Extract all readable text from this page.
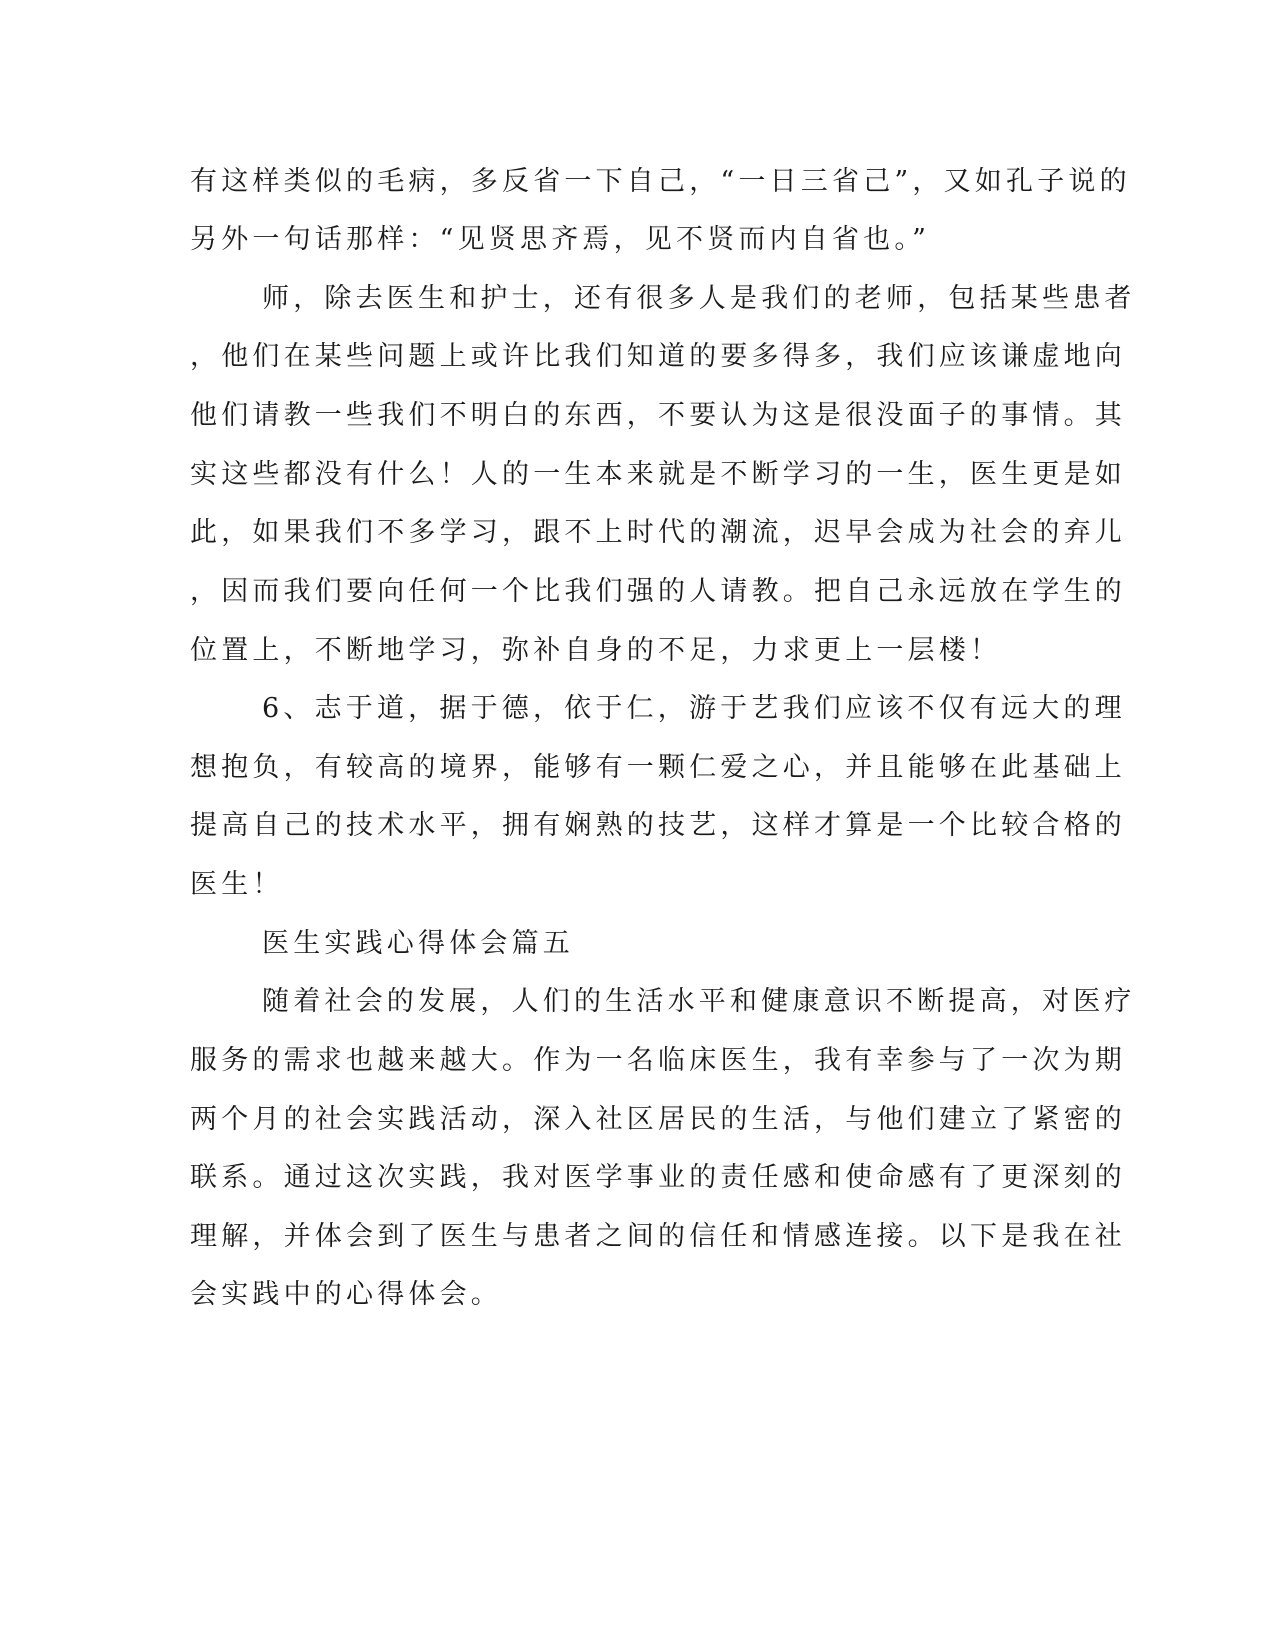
有这样类似的毛病，多反省一下自己，“一日三省己”，又如孔子说的

另外一句话那样：“见贤思齐焉，见不贤而内自省也。”

师，除去医生和护士，还有很多人是我们的老师，包括某些患者

，他们在某些问题上或许比我们知道的要多得多，我们应该谦虚地向

他们请教一些我们不明白的东西，不要认为这是很没面子的事情。其

实这些都没有什么！人的一生本来就是不断学习的一生，医生更是如

此，如果我们不多学习，跟不上时代的潮流，迟早会成为社会的弃儿

，因而我们要向任何一个比我们强的人请教。把自己永远放在学生的

位置上，不断地学习，弥补自身的不足，力求更上一层楼！

6、志于道，据于德，依于仁，游于艺我们应该不仅有远大的理

想抱负，有较高的境界，能够有一颗仁爱之心，并且能够在此基础上

提高自己的技术水平，拥有娴熟的技艺，这样才算是一个比较合格的

医生！

医生实践心得体会篇五

随着社会的发展，人们的生活水平和健康意识不断提高，对医疗

服务的需求也越来越大。作为一名临床医生，我有幸参与了一次为期

两个月的社会实践活动，深入社区居民的生活，与他们建立了紧密的

联系。通过这次实践，我对医学事业的责任感和使命感有了更深刻的

理解，并体会到了医生与患者之间的信任和情感连接。以下是我在社

会实践中的心得体会。
